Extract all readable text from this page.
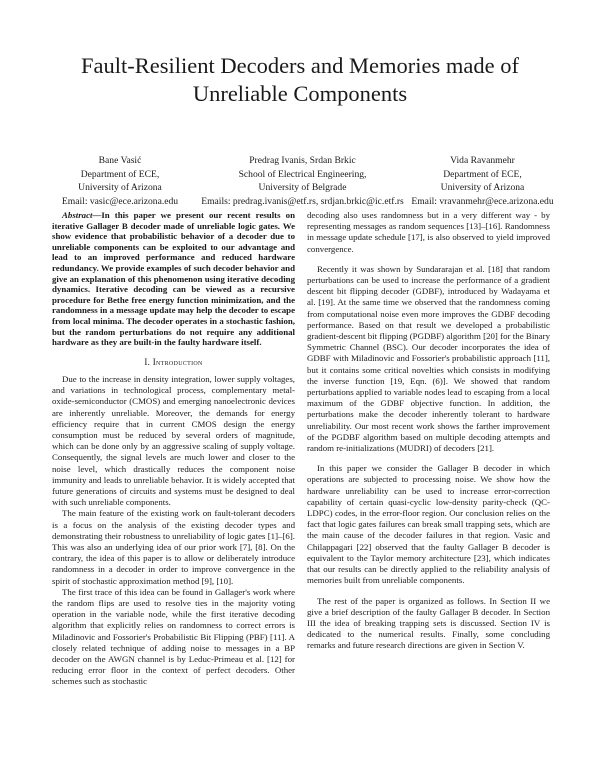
Fault-Resilient Decoders and Memories made of Unreliable Components
Bane Vasić
Department of ECE,
University of Arizona
Email: vasic@ece.arizona.edu
Predrag Ivanis, Srdan Brkic
School of Electrical Engineering,
University of Belgrade
Emails: predrag.ivanis@etf.rs, srdjan.brkic@ic.etf.rs
Vida Ravanmehr
Department of ECE,
University of Arizona
Email: vravanmehr@ece.arizona.edu

Abstract—In this paper we present our recent results on iterative Gallager B decoder made of unreliable logic gates. We show evidence that probabilistic behavior of a decoder due to unreliable components can be exploited to our advantage and lead to an improved performance and reduced hardware redundancy. We provide examples of such decoder behavior and give an explanation of this phenomenon using iterative decoding dynamics. Iterative decoding can be viewed as a recursive procedure for Bethe free energy function minimization, and the randomness in a message update may help the decoder to escape from local minima. The decoder operates in a stochastic fashion, but the random perturbations do not require any additional hardware as they are built-in the faulty hardware itself.

I. Introduction

Due to the increase in density integration, lower supply voltages, and variations in technological process, complementary metal-oxide-semiconductor (CMOS) and emerging nanoelectronic devices are inherently unreliable. Moreover, the demands for energy efficiency require that in current CMOS design the energy consumption must be reduced by several orders of magnitude, which can be done only by an aggressive scaling of supply voltage. Consequently, the signal levels are much lower and closer to the noise level, which drastically reduces the component noise immunity and leads to unreliable behavior. It is widely accepted that future generations of circuits and systems must be designed to deal with such unreliable components.

The main feature of the existing work on fault-tolerant decoders is a focus on the analysis of the existing decoder types and demonstrating their robustness to unreliability of logic gates [1]–[6]. This was also an underlying idea of our prior work [7], [8]. On the contrary, the idea of this paper is to allow or deliberately introduce randomness in a decoder in order to improve convergence in the spirit of stochastic approximation method [9], [10].

The first trace of this idea can be found in Gallager's work where the random flips are used to resolve ties in the majority voting operation in the variable node, while the first iterative decoding algorithm that explicitly relies on randomness to correct errors is Miladinovic and Fossorier's Probabilistic Bit Flipping (PBF) [11]. A closely related technique of adding noise to messages in a BP decoder on the AWGN channel is by Leduc-Primeau et al. [12] for reducing error floor in the context of perfect decoders. Other schemes such as stochastic

decoding also uses randomness but in a very different way - by representing messages as random sequences [13]–[16]. Randomness in message update schedule [17], is also observed to yield improved convergence.

Recently it was shown by Sundararajan et al. [18] that random perturbations can be used to increase the performance of a gradient descent bit flipping decoder (GDBF), introduced by Wadayama et al. [19]. At the same time we observed that the randomness coming from computational noise even more improves the GDBF decoding performance. Based on that result we developed a probabilistic gradient-descent bit flipping (PGDBF) algorithm [20] for the Binary Symmetric Channel (BSC). Our decoder incorporates the idea of GDBF with Miladinovic and Fossorier's probabilistic approach [11], but it contains some critical novelties which consists in modifying the inverse function [19, Eqn. (6)]. We showed that random perturbations applied to variable nodes lead to escaping from a local maximum of the GDBF objective function. In addition, the perturbations make the decoder inherently tolerant to hardware unreliability. Our most recent work shows the farther improvement of the PGDBF algorithm based on multiple decoding attempts and random re-initializations (MUDRI) of decoders [21].

In this paper we consider the Gallager B decoder in which operations are subjected to processing noise. We show how the hardware unreliability can be used to increase error-correction capability of certain quasi-cyclic low-density parity-check (QC-LDPC) codes, in the error-floor region. Our conclusion relies on the fact that logic gates failures can break small trapping sets, which are the main cause of the decoder failures in that region. Vasic and Chilappagari [22] observed that the faulty Gallager B decoder is equivalent to the Taylor memory architecture [23], which indicates that our results can be directly applied to the reliability analysis of memories built from unreliable components.

The rest of the paper is organized as follows. In Section II we give a brief description of the faulty Gallager B decoder. In Section III the idea of breaking trapping sets is discussed. Section IV is dedicated to the numerical results. Finally, some concluding remarks and future research directions are given in Section V.
